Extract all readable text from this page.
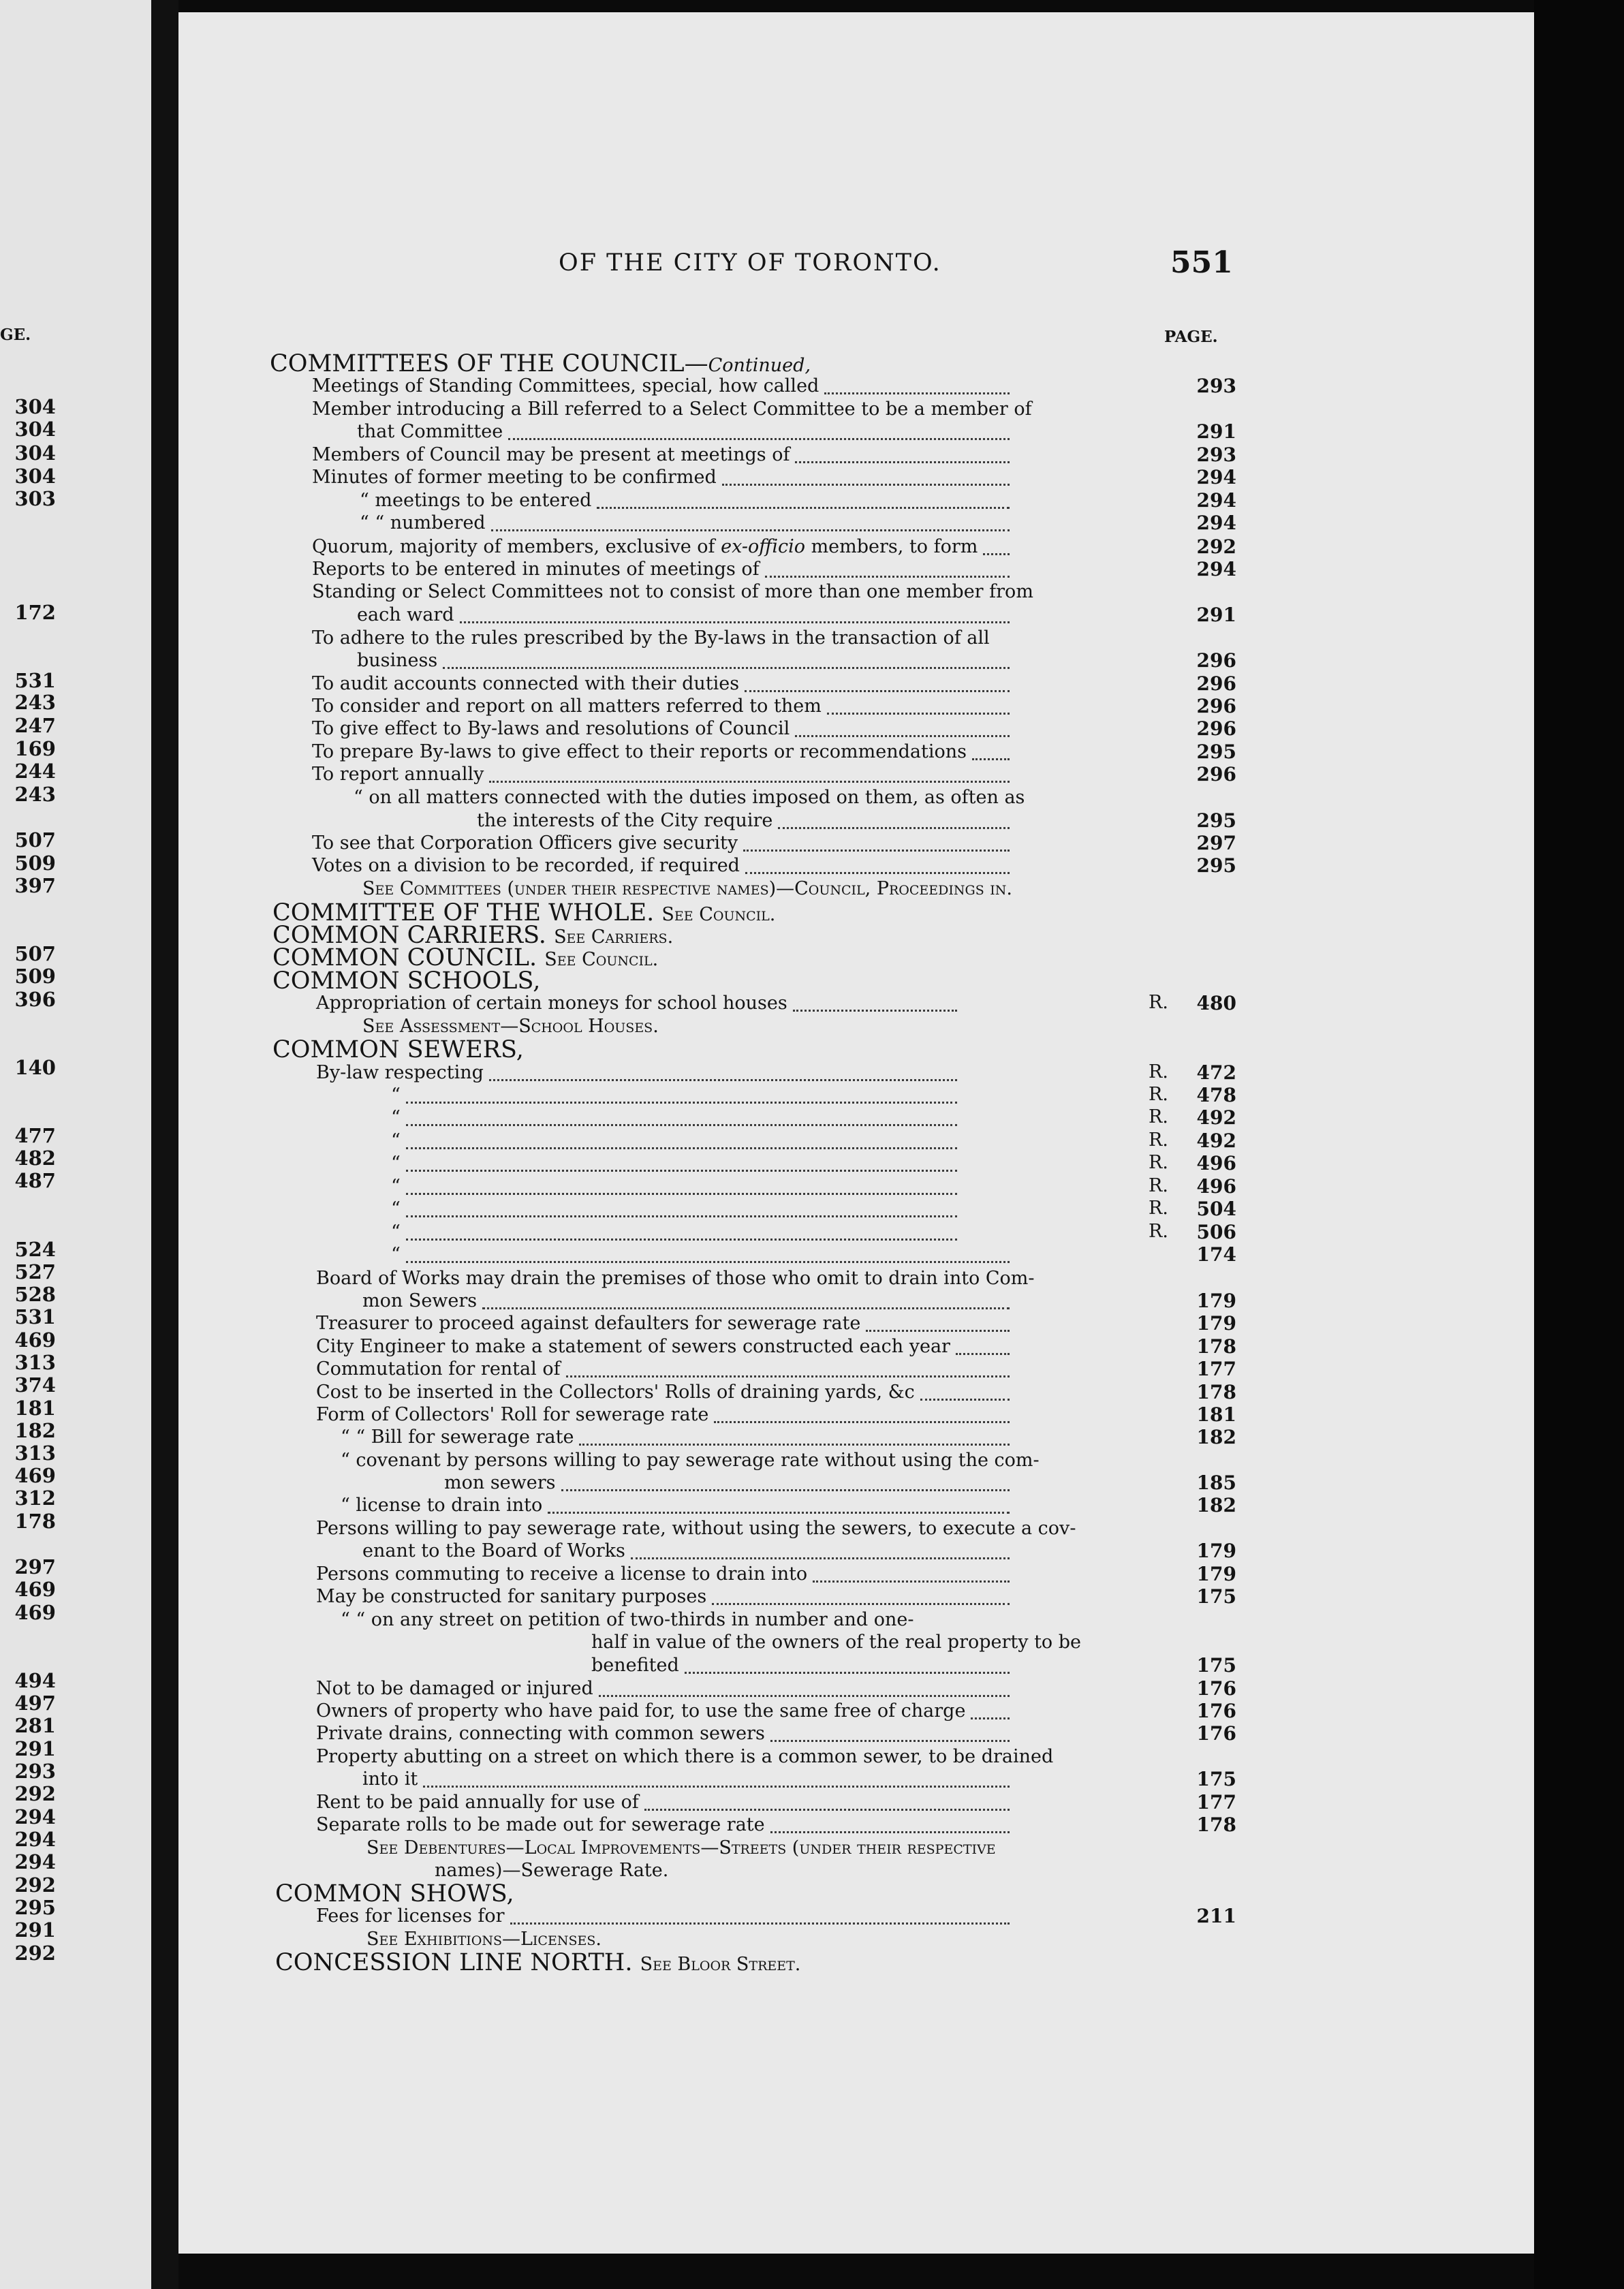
GE.
304
304
304
304
303
172
531
243
247
169
244
243
507
509
397
507
509
396
140
477
482
487
524
527
528
531
469
313
374
181
182
313
469
312
178
297
469
469
494
497
281
291
293
292
294
294
294
292
295
291
292
OF THE CITY OF TORONTO.	551
PAGE.
COMMITTEES OF THE COUNCIL—Continued,
Meetings of Standing Committees, special, how called	293
Member introducing a Bill referred to a Select Committee to be a member of
that Committee	291
Members of Council may be present at meetings of	293
Minutes of former meeting to be confirmed	294
“ meetings to be entered	294
“ “ numbered	294
Quorum, majority of members, exclusive of ex-officio members, to form	292
Reports to be entered in minutes of meetings of	294
Standing or Select Committees not to consist of more than one member from
each ward	291
To adhere to the rules prescribed by the By-laws in the transaction of all
business	296
To audit accounts connected with their duties	296
To consider and report on all matters referred to them	296
To give effect to By-laws and resolutions of Council	296
To prepare By-laws to give effect to their reports or recommendations	295
To report annually	296
“ on all matters connected with the duties imposed on them, as often as
the interests of the City require	295
To see that Corporation Officers give security	297
Votes on a division to be recorded, if required	295
See Committees (under their respective names)—Council, Proceedings in.
COMMITTEE OF THE WHOLE. See Council.
COMMON CARRIERS. See Carriers.
COMMON COUNCIL. See Council.
COMMON SCHOOLS,
Appropriation of certain moneys for school houses	R.	480
See Assessment—School Houses.
COMMON SEWERS,
By-law respecting	R.	472
“	R.	478
“	R.	492
“	R.	492
“	R.	496
“	R.	496
“	R.	504
“	R.	506
“	174
Board of Works may drain the premises of those who omit to drain into Com-
mon Sewers	179
Treasurer to proceed against defaulters for sewerage rate	179
City Engineer to make a statement of sewers constructed each year	178
Commutation for rental of	177
Cost to be inserted in the Collectors' Rolls of draining yards, &c	178
Form of Collectors' Roll for sewerage rate	181
“ “ Bill for sewerage rate	182
“ covenant by persons willing to pay sewerage rate without using the com-
mon sewers	185
“ license to drain into	182
Persons willing to pay sewerage rate, without using the sewers, to execute a cov-
enant to the Board of Works	179
Persons commuting to receive a license to drain into	179
May be constructed for sanitary purposes	175
“ “ on any street on petition of two-thirds in number and one-
half in value of the owners of the real property to be
benefited	175
Not to be damaged or injured	176
Owners of property who have paid for, to use the same free of charge	176
Private drains, connecting with common sewers	176
Property abutting on a street on which there is a common sewer, to be drained
into it	175
Rent to be paid annually for use of	177
Separate rolls to be made out for sewerage rate	178
See Debentures—Local Improvements—Streets (under their respective
names)—Sewerage Rate.
COMMON SHOWS,
Fees for licenses for	211
See Exhibitions—Licenses.
CONCESSION LINE NORTH. See Bloor Street.
